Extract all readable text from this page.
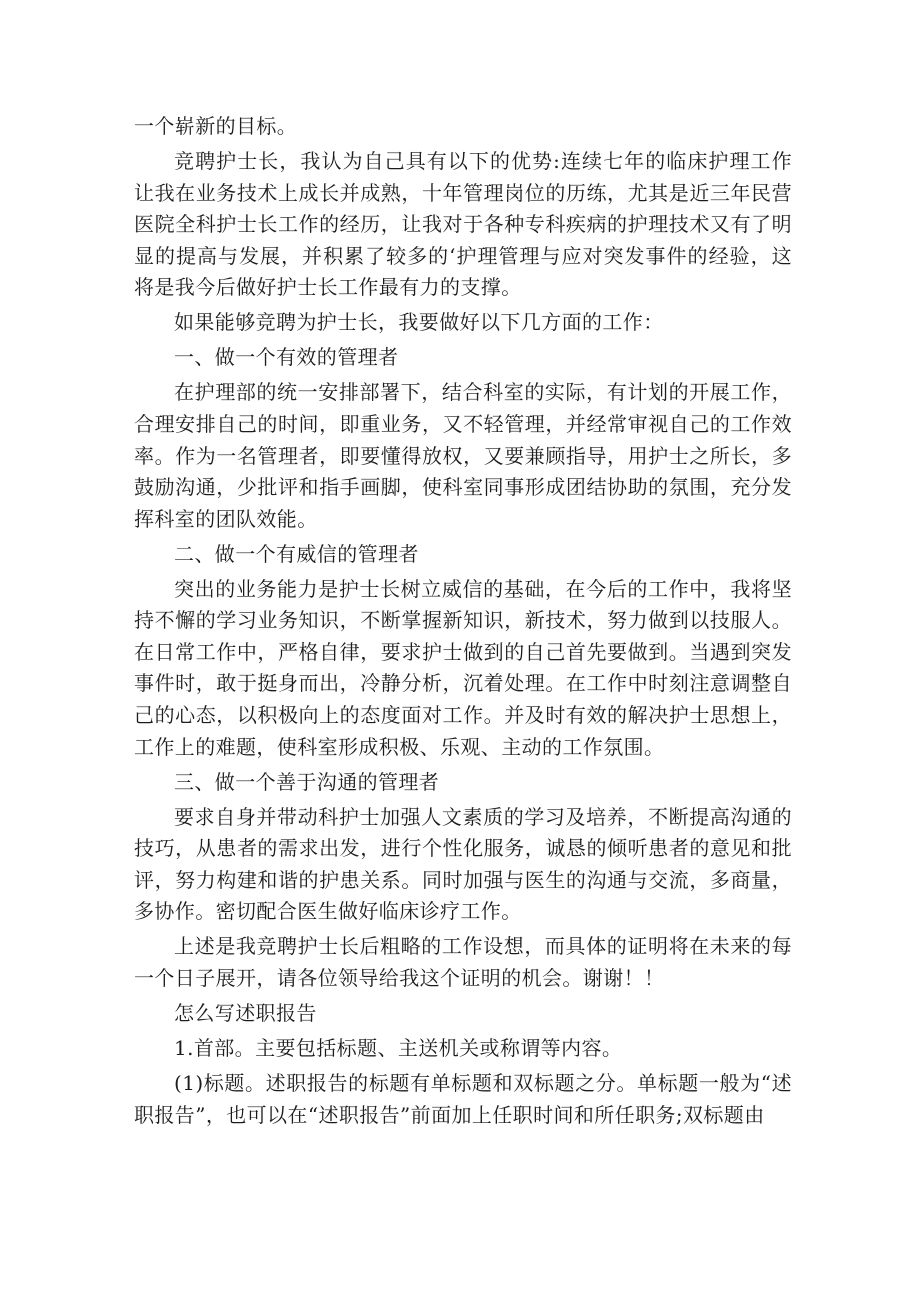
一个崭新的目标。

竞聘护士长，我认为自己具有以下的优势:连续七年的临床护理工作让我在业务技术上成长并成熟，十年管理岗位的历练，尤其是近三年民营医院全科护士长工作的经历，让我对于各种专科疾病的护理技术又有了明显的提高与发展，并积累了较多的‘护理管理与应对突发事件的经验，这将是我今后做好护士长工作最有力的支撑。

如果能够竞聘为护士长，我要做好以下几方面的工作：

一、做一个有效的管理者

在护理部的统一安排部署下，结合科室的实际，有计划的开展工作，合理安排自己的时间，即重业务，又不轻管理，并经常审视自己的工作效率。作为一名管理者，即要懂得放权，又要兼顾指导，用护士之所长，多鼓励沟通，少批评和指手画脚，使科室同事形成团结协助的氛围，充分发挥科室的团队效能。

二、做一个有威信的管理者

突出的业务能力是护士长树立威信的基础，在今后的工作中，我将坚持不懈的学习业务知识，不断掌握新知识，新技术，努力做到以技服人。在日常工作中，严格自律，要求护士做到的自己首先要做到。当遇到突发事件时，敢于挺身而出，冷静分析，沉着处理。在工作中时刻注意调整自己的心态，以积极向上的态度面对工作。并及时有效的解决护士思想上，工作上的难题，使科室形成积极、乐观、主动的工作氛围。

三、做一个善于沟通的管理者

要求自身并带动科护士加强人文素质的学习及培养，不断提高沟通的技巧，从患者的需求出发，进行个性化服务，诚恳的倾听患者的意见和批评，努力构建和谐的护患关系。同时加强与医生的沟通与交流，多商量，多协作。密切配合医生做好临床诊疗工作。

上述是我竞聘护士长后粗略的工作设想，而具体的证明将在未来的每一个日子展开，请各位领导给我这个证明的机会。谢谢！！

怎么写述职报告

1.首部。主要包括标题、主送机关或称谓等内容。

(1)标题。述职报告的标题有单标题和双标题之分。单标题一般为“述职报告”，也可以在“述职报告”前面加上任职时间和所任职务;双标题由
